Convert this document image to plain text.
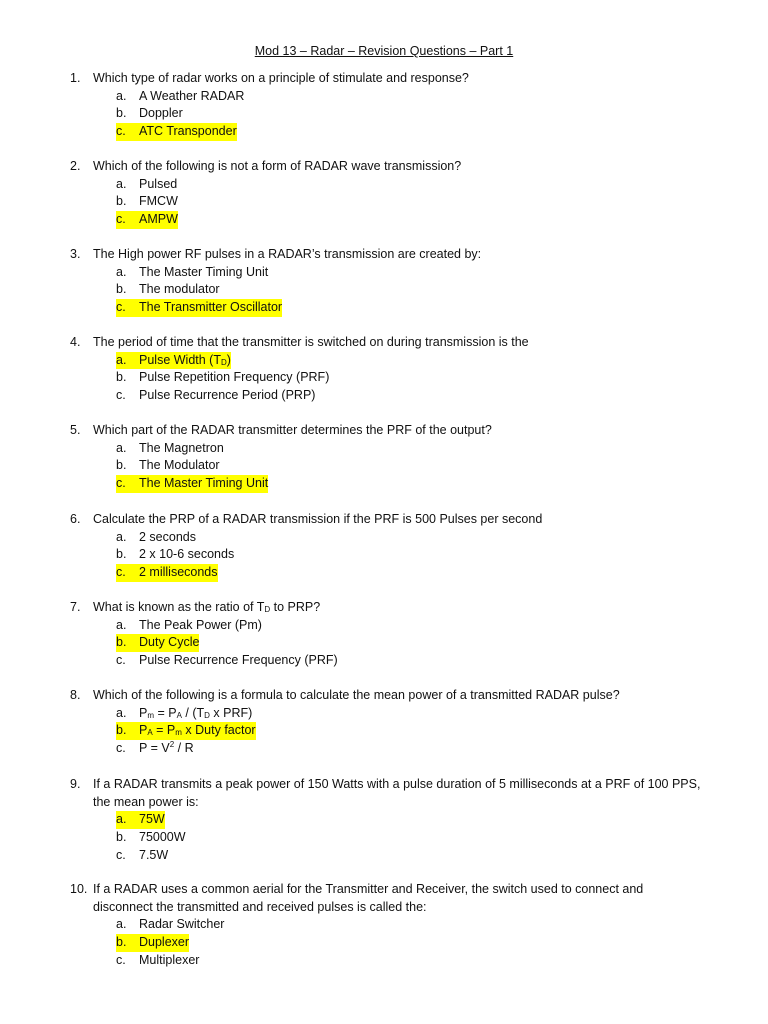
Mod 13 – Radar – Revision Questions – Part 1
1.	Which type of radar works on a principle of stimulate and response?
a.	A Weather RADAR
b.	Doppler
c.	ATC Transponder
2.	Which of the following is not a form of RADAR wave transmission?
a.	Pulsed
b.	FMCW
c.	AMPW
3.	The High power RF pulses in a RADAR’s transmission are created by:
a.	The Master Timing Unit
b.	The modulator
c.	The Transmitter Oscillator
4.	The period of time that the transmitter is switched on during transmission is the
a.	Pulse Width $(T_D)$
b.	Pulse Repetition Frequency (PRF)
c.	Pulse Recurrence Period (PRP)
5.	Which part of the RADAR transmitter determines the PRF of the output?
a.	The Magnetron
b.	The Modulator
c.	The Master Timing Unit
6.	Calculate the PRP of a RADAR transmission if the PRF is 500 Pulses per second
a.	2 seconds
b.	2 x 10-6 seconds
c.	2 milliseconds
7.	What is known as the ratio of $T_D$ to PRP?
a.	The Peak Power (Pm)
b.	Duty Cycle
c.	Pulse Recurrence Frequency (PRF)
8.	Which of the following is a formula to calculate the mean power of a transmitted RADAR pulse?
a.	$P_m = P_A / (T_D$ x PRF)
b.	$P_A = P_m$ x Duty factor
c.	$P = V^2 / R$
9.	If a RADAR transmits a peak power of 150 Watts with a pulse duration of 5 milliseconds at a PRF of 100 PPS,
the mean power is:
a.	75W
b.	75000W
c.	7.5W
10. If a RADAR uses a common aerial for the Transmitter and Receiver, the switch used to connect and
disconnect the transmitted and received pulses is called the:
a.	Radar Switcher
b.	Duplexer
c.	Multiplexer
